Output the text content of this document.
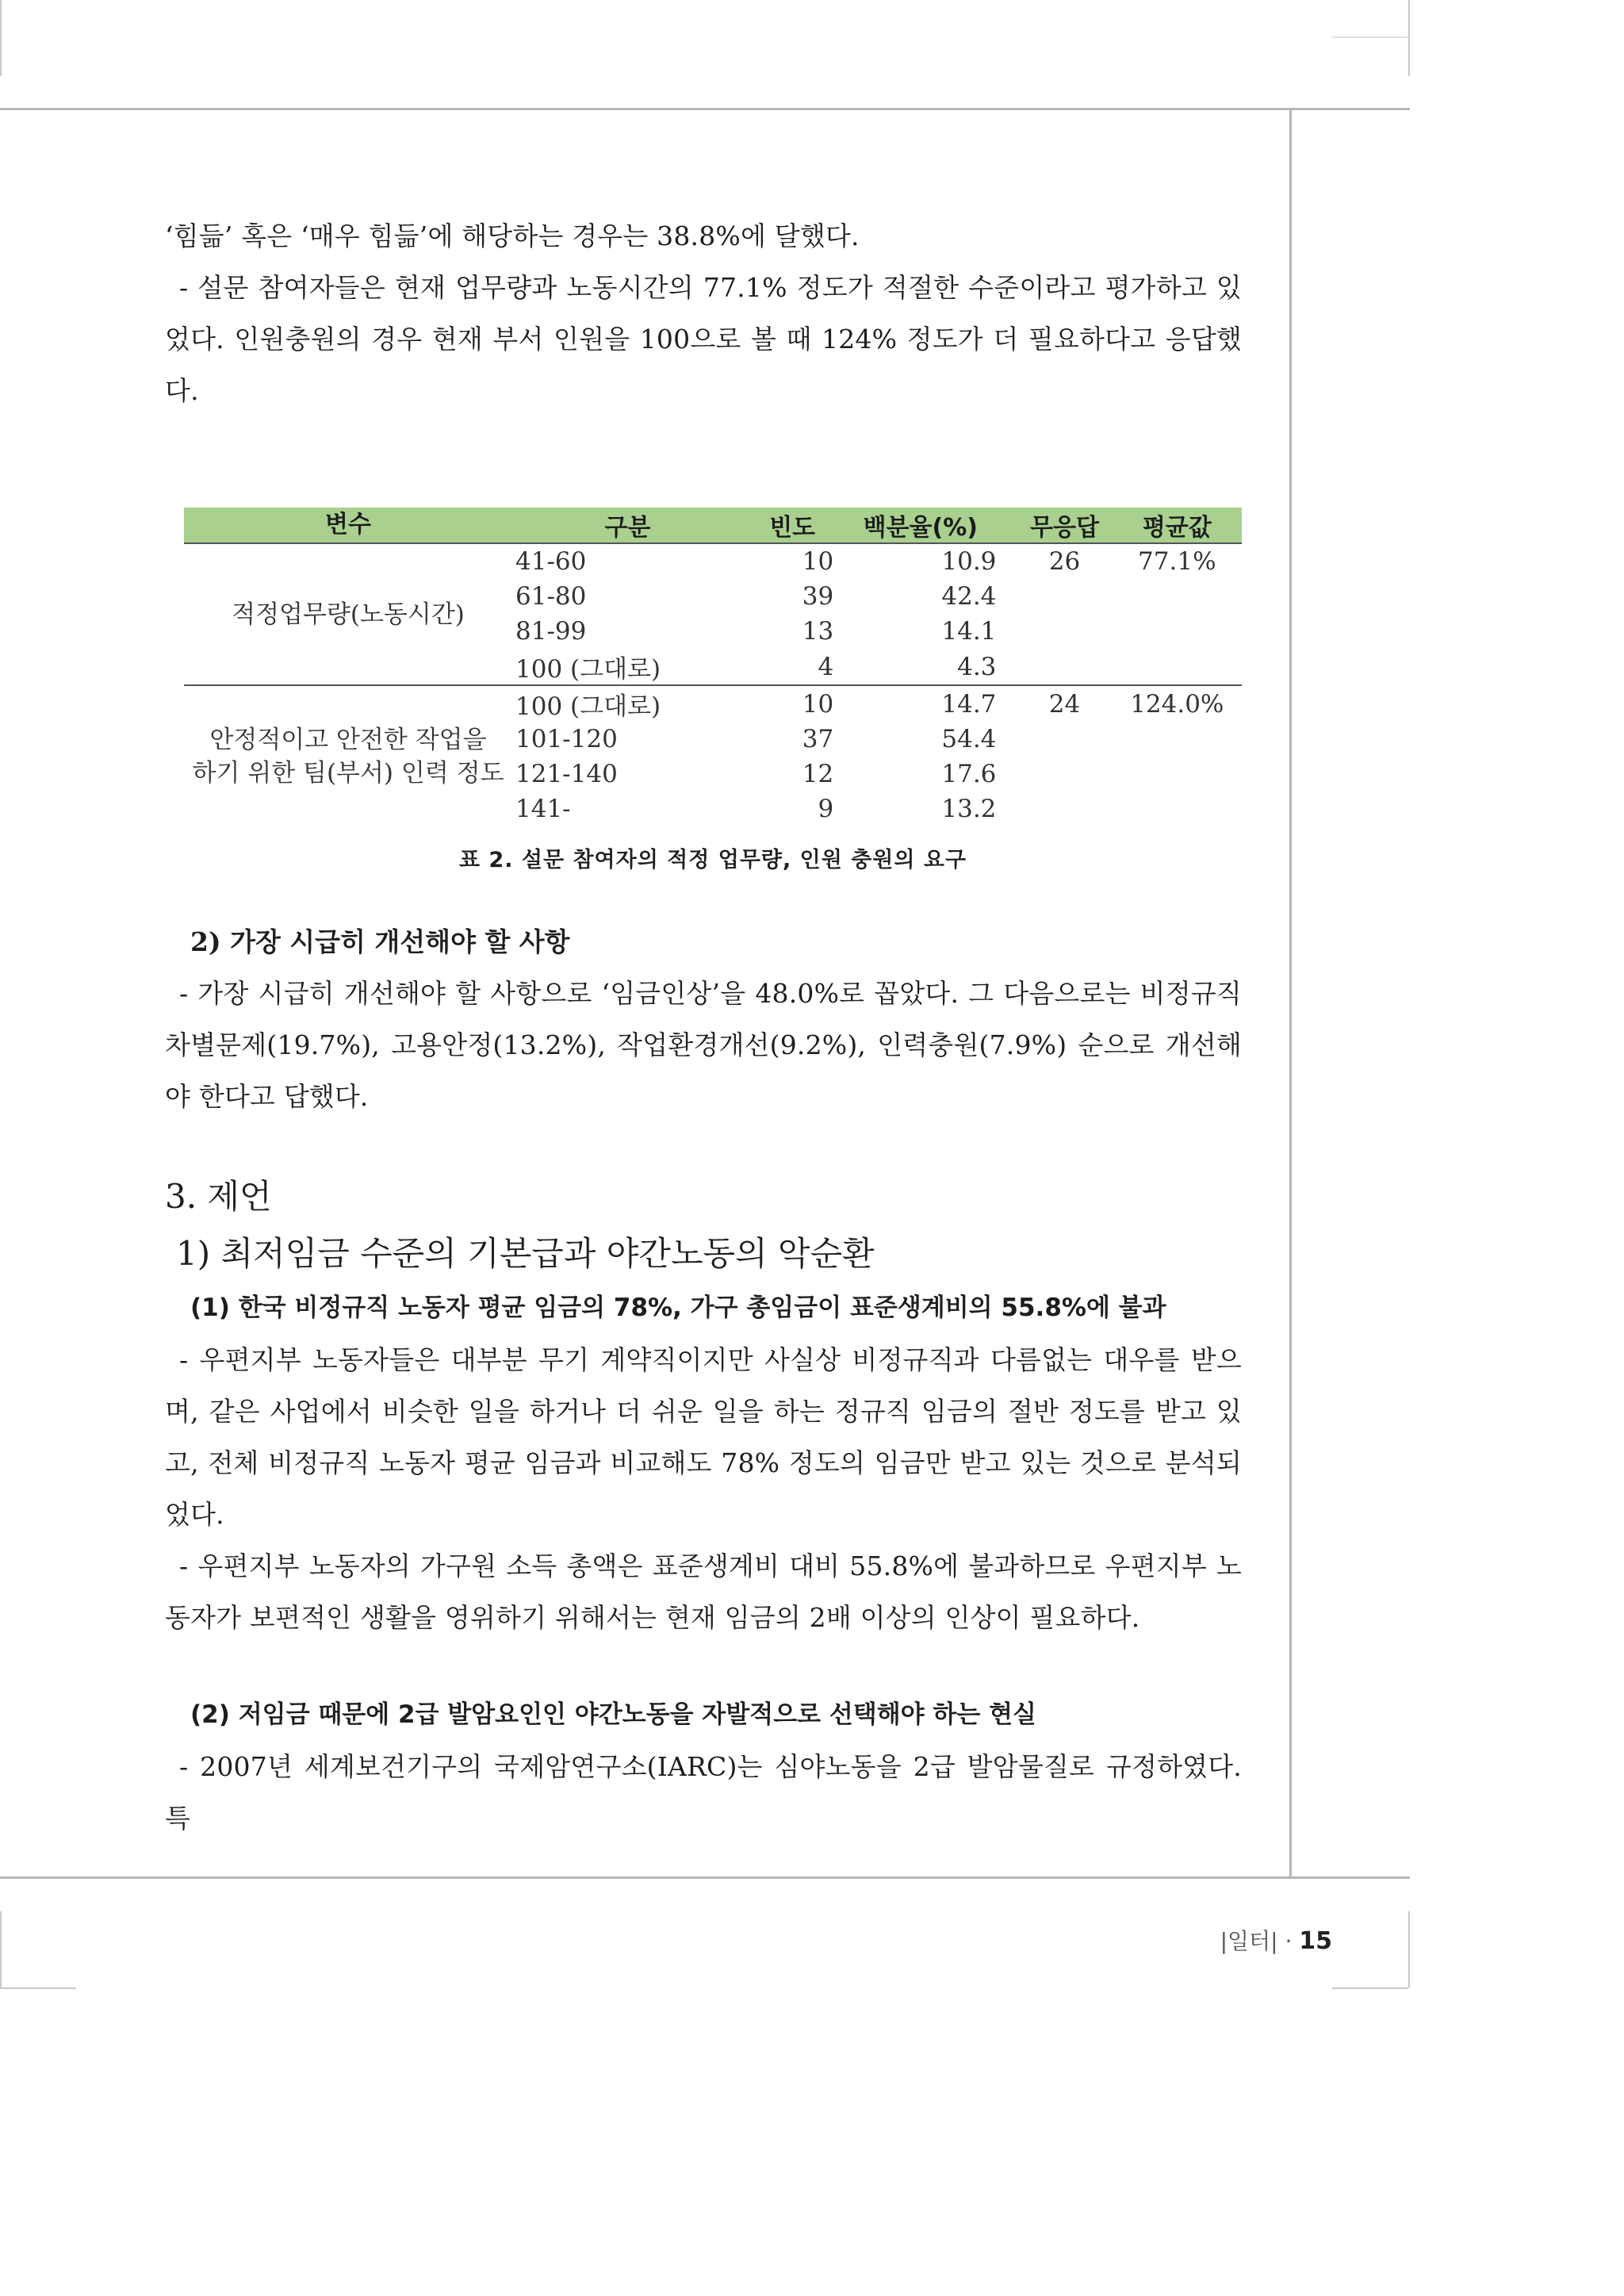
‘힘듦’ 혹은 ‘매우 힘듦’에 해당하는 경우는 38.8%에 달했다.

- 설문 참여자들은 현재 업무량과 노동시간의 77.1% 정도가 적절한 수준이라고 평가하고 있었다. 인원충원의 경우 현재 부서 인원을 100으로 볼 때 124% 정도가 더 필요하다고 응답했다.

변수	구분	빈도	백분율(%)	무응답	평균값
적정업무량(노동시간)	41-60	10	10.9	26	77.1%
	61-80	39	42.4		
	81-99	13	14.1		
	100 (그대로)	4	4.3		
안정적이고 안전한 작업을
하기 위한 팀(부서) 인력 정도	100 (그대로)	10	14.7	24	124.0%
	101-120	37	54.4		
	121-140	12	17.6		
	141-	9	13.2		
표 2. 설문 참여자의 적정 업무량, 인원 충원의 요구

2) 가장 시급히 개선해야 할 사항

- 가장 시급히 개선해야 할 사항으로 ‘임금인상’을 48.0%로 꼽았다. 그 다음으로는 비정규직 차별문제(19.7%), 고용안정(13.2%), 작업환경개선(9.2%), 인력충원(7.9%) 순으로 개선해야 한다고 답했다.

3. 제언
1) 최저임금 수준의 기본급과 야간노동의 악순환

(1) 한국 비정규직 노동자 평균 임금의 78%, 가구 총임금이 표준생계비의 55.8%에 불과

- 우편지부 노동자들은 대부분 무기 계약직이지만 사실상 비정규직과 다름없는 대우를 받으며, 같은 사업에서 비슷한 일을 하거나 더 쉬운 일을 하는 정규직 임금의 절반 정도를 받고 있고, 전체 비정규직 노동자 평균 임금과 비교해도 78% 정도의 임금만 받고 있는 것으로 분석되었다.

- 우편지부 노동자의 가구원 소득 총액은 표준생계비 대비 55.8%에 불과하므로 우편지부 노동자가 보편적인 생활을 영위하기 위해서는 현재 임금의 2배 이상의 인상이 필요하다.

(2) 저임금 때문에 2급 발암요인인 야간노동을 자발적으로 선택해야 하는 현실

- 2007년 세계보건기구의 국제암연구소(IARC)는 심야노동을 2급 발암물질로 규정하였다. 특

|일터| · 15
